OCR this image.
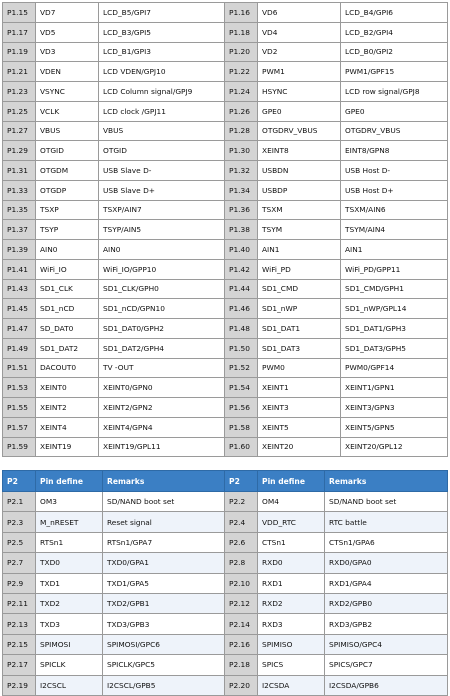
P1.15	VD7	LCD_B5/GPI7	P1.16	VD6	LCD_B4/GPI6
P1.17	VD5	LCD_B3/GPI5	P1.18	VD4	LCD_B2/GPI4
P1.19	VD3	LCD_B1/GPI3	P1.20	VD2	LCD_B0/GPI2
P1.21	VDEN	LCD VDEN/GPJ10	P1.22	PWM1	PWM1/GPF15
P1.23	VSYNC	LCD Column signal/GPJ9	P1.24	HSYNC	LCD row signal/GPJ8
P1.25	VCLK	LCD clock /GPJ11	P1.26	GPE0	GPE0
P1.27	VBUS	VBUS	P1.28	OTGDRV_VBUS	OTGDRV_VBUS
P1.29	OTGID	OTGID	P1.30	XEINT8	EINT8/GPN8
P1.31	OTGDM	USB Slave D-	P1.32	USBDN	USB Host D-
P1.33	OTGDP	USB Slave D+	P1.34	USBDP	USB Host D+
P1.35	TSXP	TSXP/AIN7	P1.36	TSXM	TSXM/AIN6
P1.37	TSYP	TSYP/AIN5	P1.38	TSYM	TSYM/AIN4
P1.39	AIN0	AIN0	P1.40	AIN1	AIN1
P1.41	WiFi_IO	WiFi_IO/GPP10	P1.42	WiFi_PD	WiFi_PD/GPP11
P1.43	SD1_CLK	SD1_CLK/GPH0	P1.44	SD1_CMD	SD1_CMD/GPH1
P1.45	SD1_nCD	SD1_nCD/GPN10	P1.46	SD1_nWP	SD1_nWP/GPL14
P1.47	SD_DAT0	SD1_DAT0/GPH2	P1.48	SD1_DAT1	SD1_DAT1/GPH3
P1.49	SD1_DAT2	SD1_DAT2/GPH4	P1.50	SD1_DAT3	SD1_DAT3/GPH5
P1.51	DACOUT0	TV -OUT	P1.52	PWM0	PWM0/GPF14
P1.53	XEINT0	XEINT0/GPN0	P1.54	XEINT1	XEINT1/GPN1
P1.55	XEINT2	XEINT2/GPN2	P1.56	XEINT3	XEINT3/GPN3
P1.57	XEINT4	XEINT4/GPN4	P1.58	XEINT5	XEINT5/GPN5
P1.59	XEINT19	XEINT19/GPL11	P1.60	XEINT20	XEINT20/GPL12
P2	Pin define	Remarks	P2	Pin define	Remarks
P2.1	OM3	SD/NAND boot set	P2.2	OM4	SD/NAND boot set
P2.3	M_nRESET	Reset signal	P2.4	VDD_RTC	RTC battle
P2.5	RTSn1	RTSn1/GPA7	P2.6	CTSn1	CTSn1/GPA6
P2.7	TXD0	TXD0/GPA1	P2.8	RXD0	RXD0/GPA0
P2.9	TXD1	TXD1/GPA5	P2.10	RXD1	RXD1/GPA4
P2.11	TXD2	TXD2/GPB1	P2.12	RXD2	RXD2/GPB0
P2.13	TXD3	TXD3/GPB3	P2.14	RXD3	RXD3/GPB2
P2.15	SPIMOSI	SPIMOSI/GPC6	P2.16	SPIMISO	SPIMISO/GPC4
P2.17	SPICLK	SPICLK/GPC5	P2.18	SPICS	SPICS/GPC7
P2.19	I2CSCL	I2CSCL/GPB5	P2.20	I2CSDA	I2CSDA/GPB6
